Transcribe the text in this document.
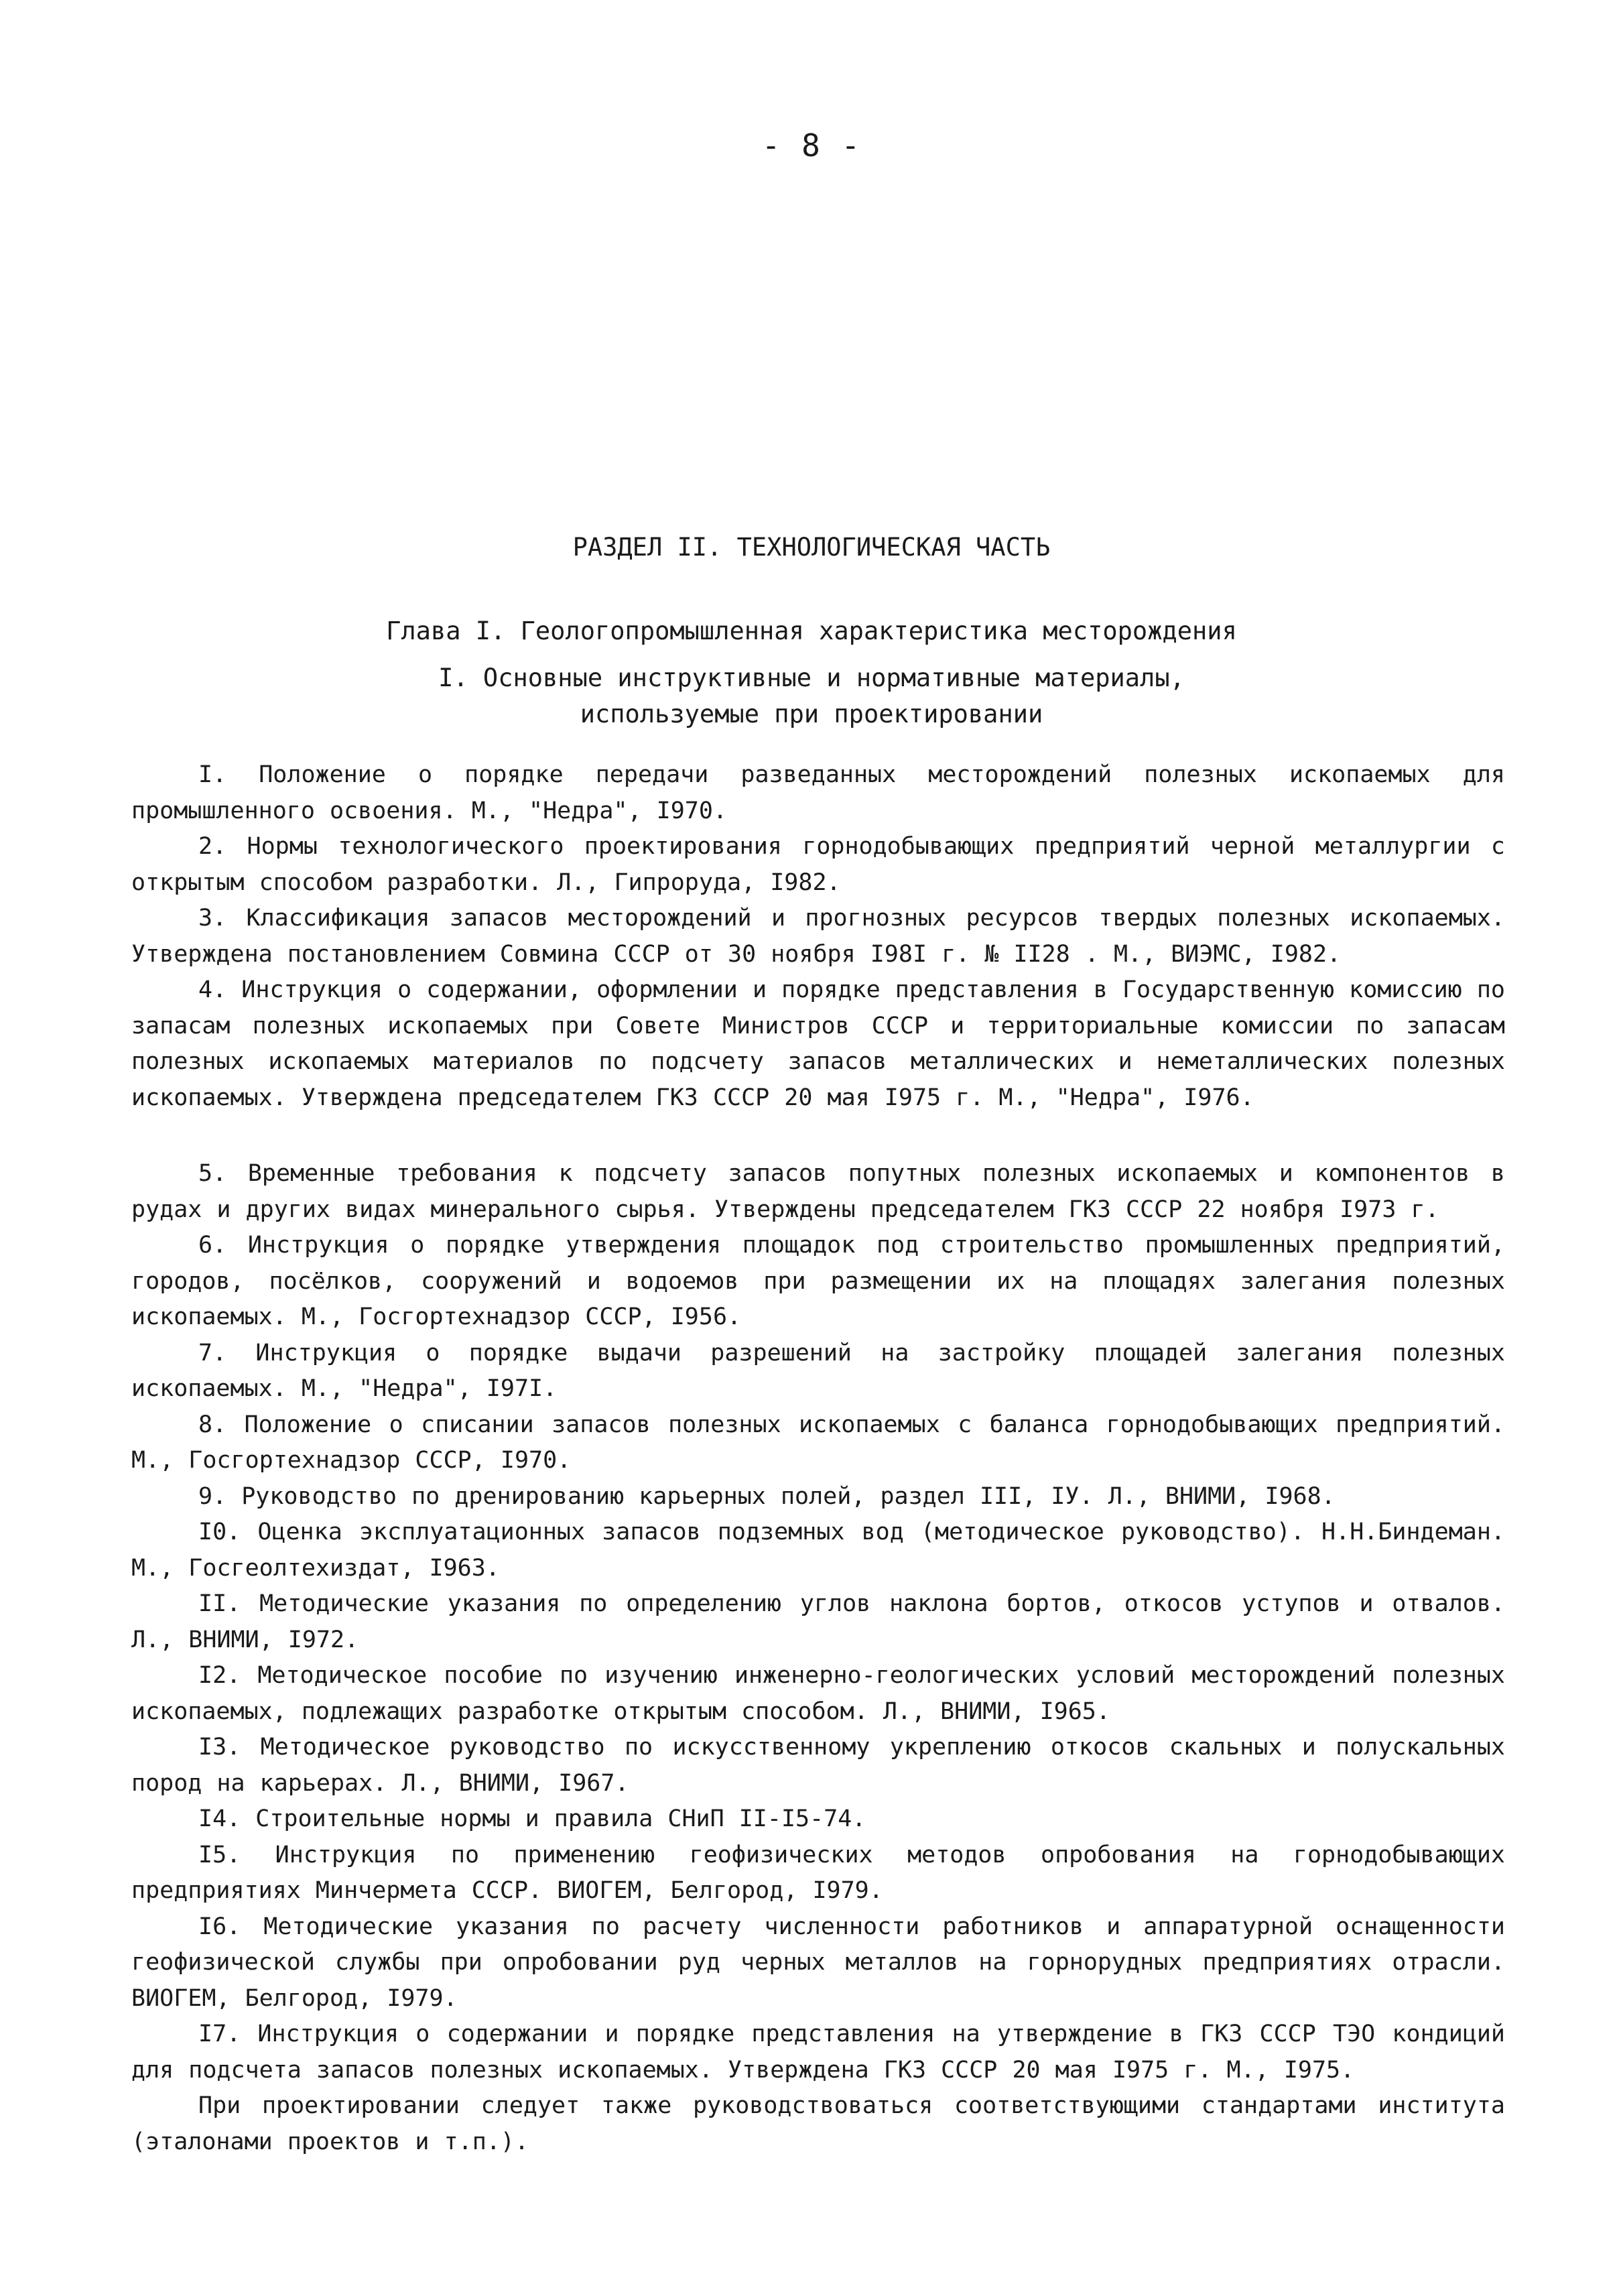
- 8 -
РАЗДЕЛ II. ТЕХНОЛОГИЧЕСКАЯ ЧАСТЬ
Глава I. Геологопромышленная характеристика месторождения
I. Основные инструктивные и нормативные материалы,
используемые при проектировании

I. Положение о порядке передачи разведанных месторождений полезных ископаемых для промышленного освоения. М., "Недра", I970.

2. Нормы технологического проектирования горнодобывающих предприятий черной металлургии с открытым способом разработки. Л., Гипроруда, I982.

3. Классификация запасов месторождений и прогнозных ресурсов твердых полезных ископаемых. Утверждена постановлением Совмина СССР от 30 ноября I98I г. № II28 . М., ВИЭМС, I982.

4. Инструкция о содержании, оформлении и порядке представления в Государственную комиссию по запасам полезных ископаемых при Совете Министров СССР и территориальные комиссии по запасам полезных ископаемых материалов по подсчету запасов металлических и неметаллических полезных ископаемых. Утверждена председателем ГКЗ СССР 20 мая I975 г. М., "Недра", I976.

5. Временные требования к подсчету запасов попутных полезных ископаемых и компонентов в рудах и других видах минерального сырья. Утверждены председателем ГКЗ СССР 22 ноября I973 г.

6. Инструкция о порядке утверждения площадок под строительство промышленных предприятий, городов, посёлков, сооружений и водоемов при размещении их на площадях залегания полезных ископаемых. М., Госгортехнадзор СССР, I956.

7. Инструкция о порядке выдачи разрешений на застройку площадей залегания полезных ископаемых. М., "Недра", I97I.

8. Положение о списании запасов полезных ископаемых с баланса горнодобывающих предприятий. М., Госгортехнадзор СССР, I970.

9. Руководство по дренированию карьерных полей, раздел III, IУ. Л., ВНИМИ, I968.

I0. Оценка эксплуатационных запасов подземных вод (методическое руководство). Н.Н.Биндеман. М., Госгеолтехиздат, I963.

II. Методические указания по определению углов наклона бортов, откосов уступов и отвалов. Л., ВНИМИ, I972.

I2. Методическое пособие по изучению инженерно-геологических условий месторождений полезных ископаемых, подлежащих разработке открытым способом. Л., ВНИМИ, I965.

I3. Методическое руководство по искусственному укреплению откосов скальных и полускальных пород на карьерах. Л., ВНИМИ, I967.

I4. Строительные нормы и правила СНиП II-I5-74.

I5. Инструкция по применению геофизических методов опробования на горнодобывающих предприятиях Минчермета СССР. ВИОГЕМ, Белгород, I979.

I6. Методические указания по расчету численности работников и аппаратурной оснащенности геофизической службы при опробовании руд черных металлов на горнорудных предприятиях отрасли. ВИОГЕМ, Белгород, I979.

I7. Инструкция о содержании и порядке представления на утверждение в ГКЗ СССР ТЭО кондиций для подсчета запасов полезных ископаемых. Утверждена ГКЗ СССР 20 мая I975 г. М., I975.

При проектировании следует также руководствоваться соответствующими стандартами института (эталонами проектов и т.п.).
